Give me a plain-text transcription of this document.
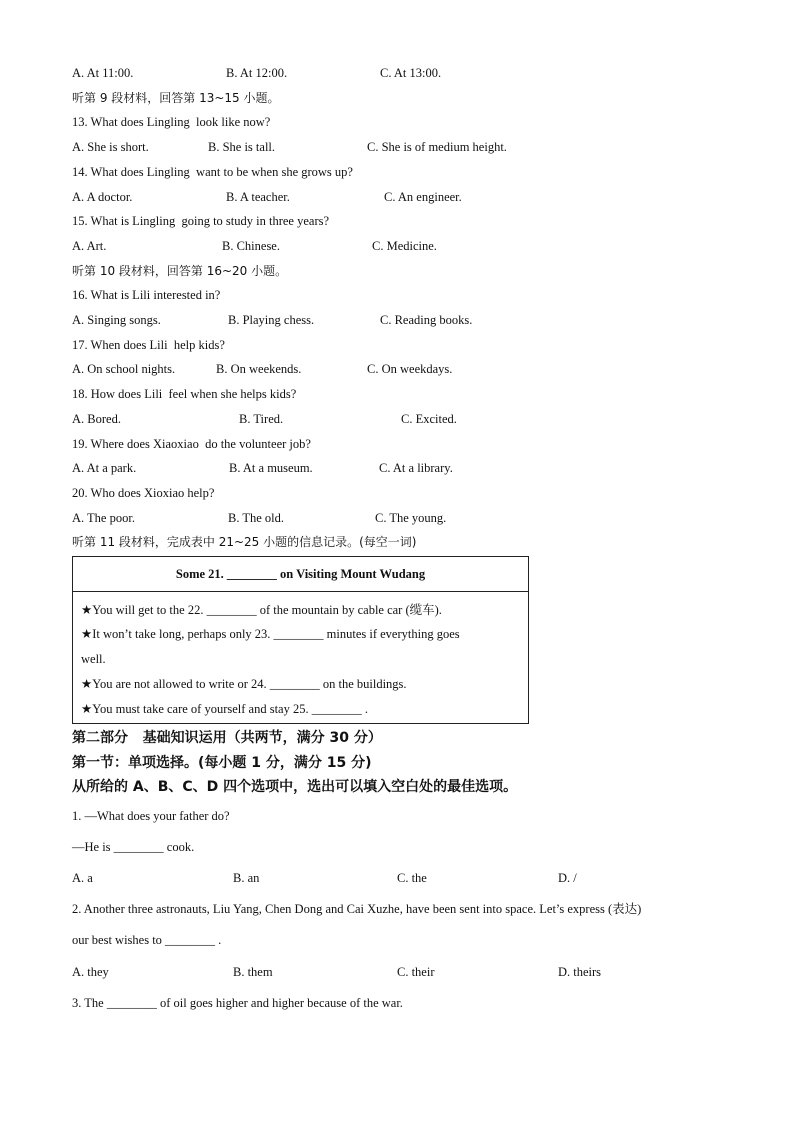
A. At 11:00.	B. At 12:00.	C. At 13:00.
听第 9 段材料，回答第 13~15 小题。
13. What does Lingling  look like now?
A. She is short.	B. She is tall.	C. She is of medium height.
14. What does Lingling  want to be when she grows up?
A. A doctor.	B. A teacher.	C. An engineer.
15. What is Lingling  going to study in three years?
A. Art.	B. Chinese.	C. Medicine.
听第 10 段材料，回答第 16~20 小题。
16. What is Lili interested in?
A. Singing songs.	B. Playing chess.	C. Reading books.
17. When does Lili  help kids?
A. On school nights.	B. On weekends.	C. On weekdays.
18. How does Lili  feel when she helps kids?
A. Bored.	B. Tired.	C. Excited.
19. Where does Xiaoxiao  do the volunteer job?
A. At a park.	B. At a museum.	C. At a library.
20. Who does Xioxiao help?
A. The poor.	B. The old.	C. The young.
听第 11 段材料，完成表中 21~25 小题的信息记录。(每空一词)
Some 21. ________ on Visiting Mount Wudang
★You will get to the 22. ________ of the mountain by cable car (缆车).
★It won’t take long, perhaps only 23. ________ minutes if everything goes
well.
★You are not allowed to write or 24. ________ on the buildings.
★You must take care of yourself and stay 25. ________ .
第二部分   基础知识运用（共两节，满分 30 分）
第一节：单项选择。(每小题 1 分，满分 15 分)
从所给的 A、B、C、D 四个选项中，选出可以填入空白处的最佳选项。
1. —What does your father do?
—He is ________ cook.
A. a	B. an	C. the	D. /
2. Another three astronauts, Liu Yang, Chen Dong and Cai Xuzhe, have been sent into space. Let’s express (表达)
our best wishes to ________ .
A. they	B. them	C. their	D. theirs
3. The ________ of oil goes higher and higher because of the war.
